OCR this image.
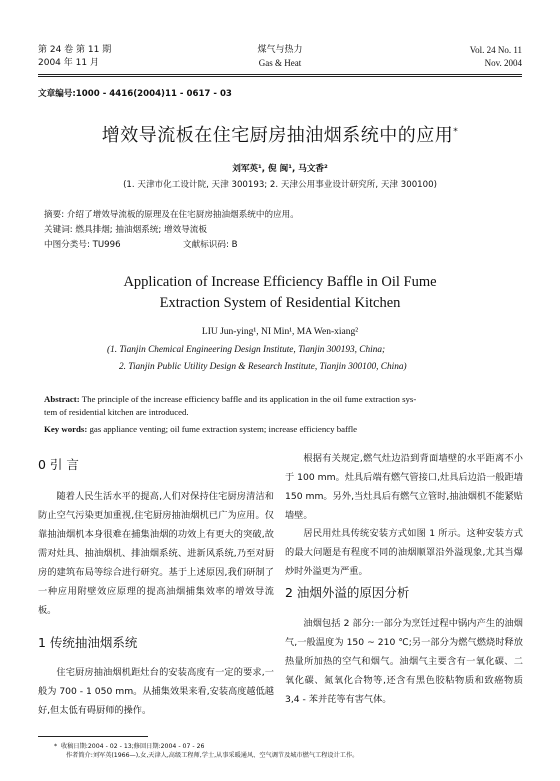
第 24 卷 第 11 期
2004 年 11 月
煤气与热力
Gas & Heat
Vol. 24 No. 11
Nov. 2004
文章编号:1000 - 4416(2004)11 - 0617 - 03
增效导流板在住宅厨房抽油烟系统中的应用*
刘军英¹, 倪 闽¹, 马文香²
(1. 天津市化工设计院, 天津 300193; 2. 天津公用事业设计研究所, 天津 300100)
摘要: 介绍了增效导流板的原理及在住宅厨房抽油烟系统中的应用。
关键词: 燃具排烟; 抽油烟系统; 增效导流板
中图分类号: TU996	文献标识码: B
Application of Increase Efficiency Baffle in Oil Fume
Extraction System of Residential Kitchen
LIU Jun-ying¹, NI Min¹, MA Wen-xiang²
(1. Tianjin Chemical Engineering Design Institute, Tianjin 300193, China;
2. Tianjin Public Utility Design & Research Institute, Tianjin 300100, China)
Abstract: The principle of the increase efficiency baffle and its application in the oil fume extraction sys-
tem of residential kitchen are introduced.
Key words: gas appliance venting; oil fume extraction system; increase efficiency baffle
0 引 言
随着人民生活水平的提高,人们对保持住宅厨房清洁和防止空气污染更加重视,住宅厨房抽油烟机已广为应用。仅靠抽油烟机本身很难在捕集油烟的功效上有更大的突破,故需对灶具、抽油烟机、排油烟系统、进新风系统,乃至对厨房的建筑布局等综合进行研究。基于上述原因,我们研制了一种应用附壁效应原理的提高油烟捕集效率的增效导流板。
1 传统抽油烟系统
住宅厨房抽油烟机距灶台的安装高度有一定的要求,一般为 700 - 1 050 mm。从捕集效果来看,安装高度越低越好,但太低有碍厨师的操作。
根据有关规定,燃气灶边沿到背面墙壁的水平距离不小于 100 mm。灶具后端有燃气管接口,灶具后边沿一般距墙 150 mm。另外,当灶具后有燃气立管时,抽油烟机不能紧贴墙壁。
居民用灶具传统安装方式如图 1 所示。这种安装方式的最大问题是有程度不同的油烟顺罩沿外溢现象,尤其当爆炒时外溢更为严重。
2 油烟外溢的原因分析
油烟包括 2 部分:一部分为烹饪过程中锅内产生的油烟气,一般温度为 150 ~ 210 ℃;另一部分为燃气燃烧时释放热量所加热的空气和烟气。油烟气主要含有一氧化碳、二氧化碳、氮氧化合物等,还含有黑色胶粘物质和致癌物质 3,4 - 苯并芘等有害气体。
* 收稿日期:2004 - 02 - 13;修回日期:2004 - 07 - 26
作者简介:刘军英(1966—),女,天津人,高级工程师,学士,从事采暖通风、空气调节及城市燃气工程设计工作。
